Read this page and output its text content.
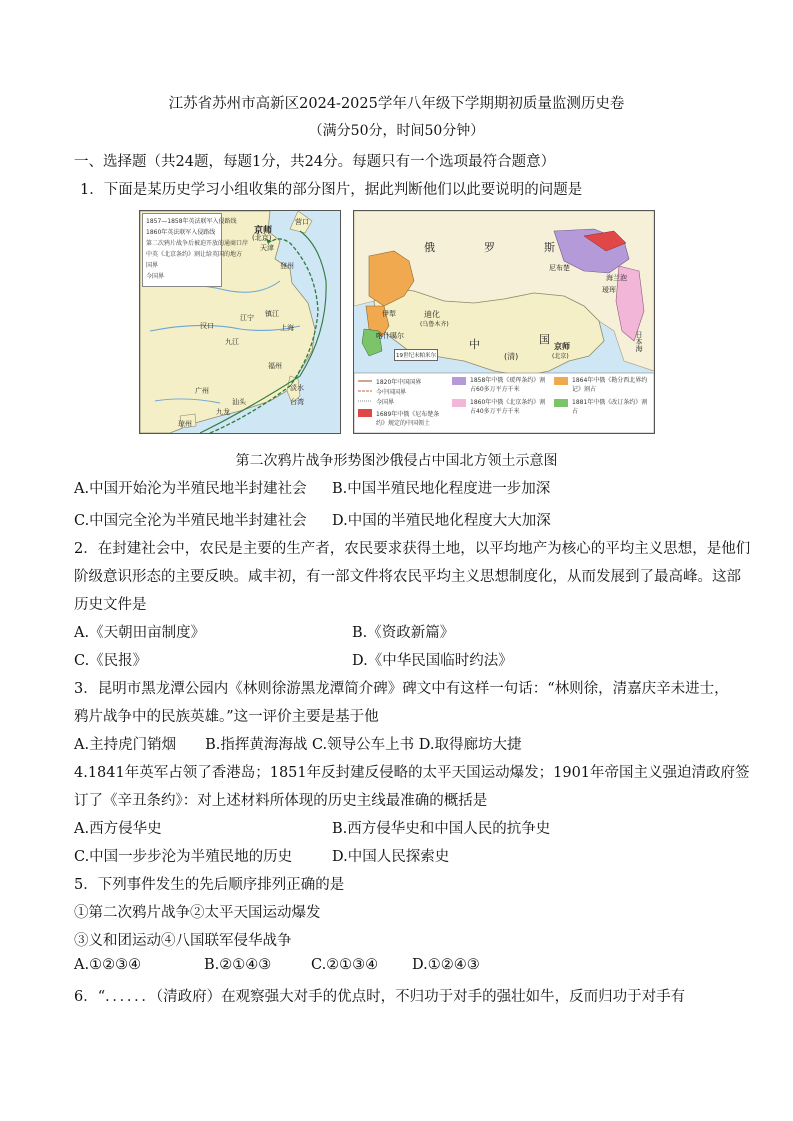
江苏省苏州市高新区2024-2025学年八年级下学期期初质量监测历史卷
（满分50分，时间50分钟）
一、选择题（共24题，每题1分，共24分。每题只有一个选项最符合题意）
1．下面是某历史学习小组收集的部分图片，据此判断他们以此要说明的问题是
1857—1858年英法联军入侵路线
1860年英法联军入侵路线
第二次鸦片战争后被迫开放的通商口岸
中英《北京条约》割让给英国的地方
国界
今国界
京师
(北京)
营口
天津
登州
江宁 镇江
上海
汉口
九江
福州
广州
汕头
淡水
台湾
琼州
九龙
俄	罗	斯
尼布楚
海兰泡
瑷珲
伊犁	迪化
(乌鲁木齐)
喀什噶尔
中	国
(清)
京师
(北京)
日本海
19世纪末帕米尔
1820年中国国界
今中国国界
今国界
1689年中俄《尼布楚条约》规定的中国领土
1858年中俄《瑷珲条约》割占60多万平方千米
1860年中俄《北京条约》割占40多万平方千米
1864年中俄《勘分西北界约记》割占
1881年中俄《改订条约》割占
第二次鸦片战争形势图沙俄侵占中国北方领土示意图
A.中国开始沦为半殖民地半封建社会 B.中国半殖民地化程度进一步加深
C.中国完全沦为半殖民地半封建社会 D.中国的半殖民地化程度大大加深
2．在封建社会中，农民是主要的生产者，农民要求获得土地，以平均地产为核心的平均主义思想，是他们
阶级意识形态的主要反映。咸丰初，有一部文件将农民平均主义思想制度化，从而发展到了最高峰。这部
历史文件是
A.《天朝田亩制度》	B.《资政新篇》
C.《民报》	D.《中华民国临时约法》
3．昆明市黑龙潭公园内《林则徐游黑龙潭简介碑》碑文中有这样一句话：“林则徐，清嘉庆辛未进士，
鸦片战争中的民族英雄。”这一评价主要是基于他
A.主持虎门销烟　　B.指挥黄海海战 C.领导公车上书 D.取得廊坊大捷
4.1841年英军占领了香港岛；1851年反封建反侵略的太平天国运动爆发；1901年帝国主义强迫清政府签
订了《辛丑条约》：对上述材料所体现的历史主线最准确的概括是
A.西方侵华史	B.西方侵华史和中国人民的抗争史
C.中国一步步沦为半殖民地的历史	D.中国人民探索史
5．下列事件发生的先后顺序排列正确的是
①第二次鸦片战争②太平天国运动爆发
③义和团运动④八国联军侵华战争
A.①②③④	B.②①④③	C.②①③④ D.①②④③
6．“．．．．．．（清政府）在观察强大对手的优点时，不归功于对手的强壮如牛，反而归功于对手有
